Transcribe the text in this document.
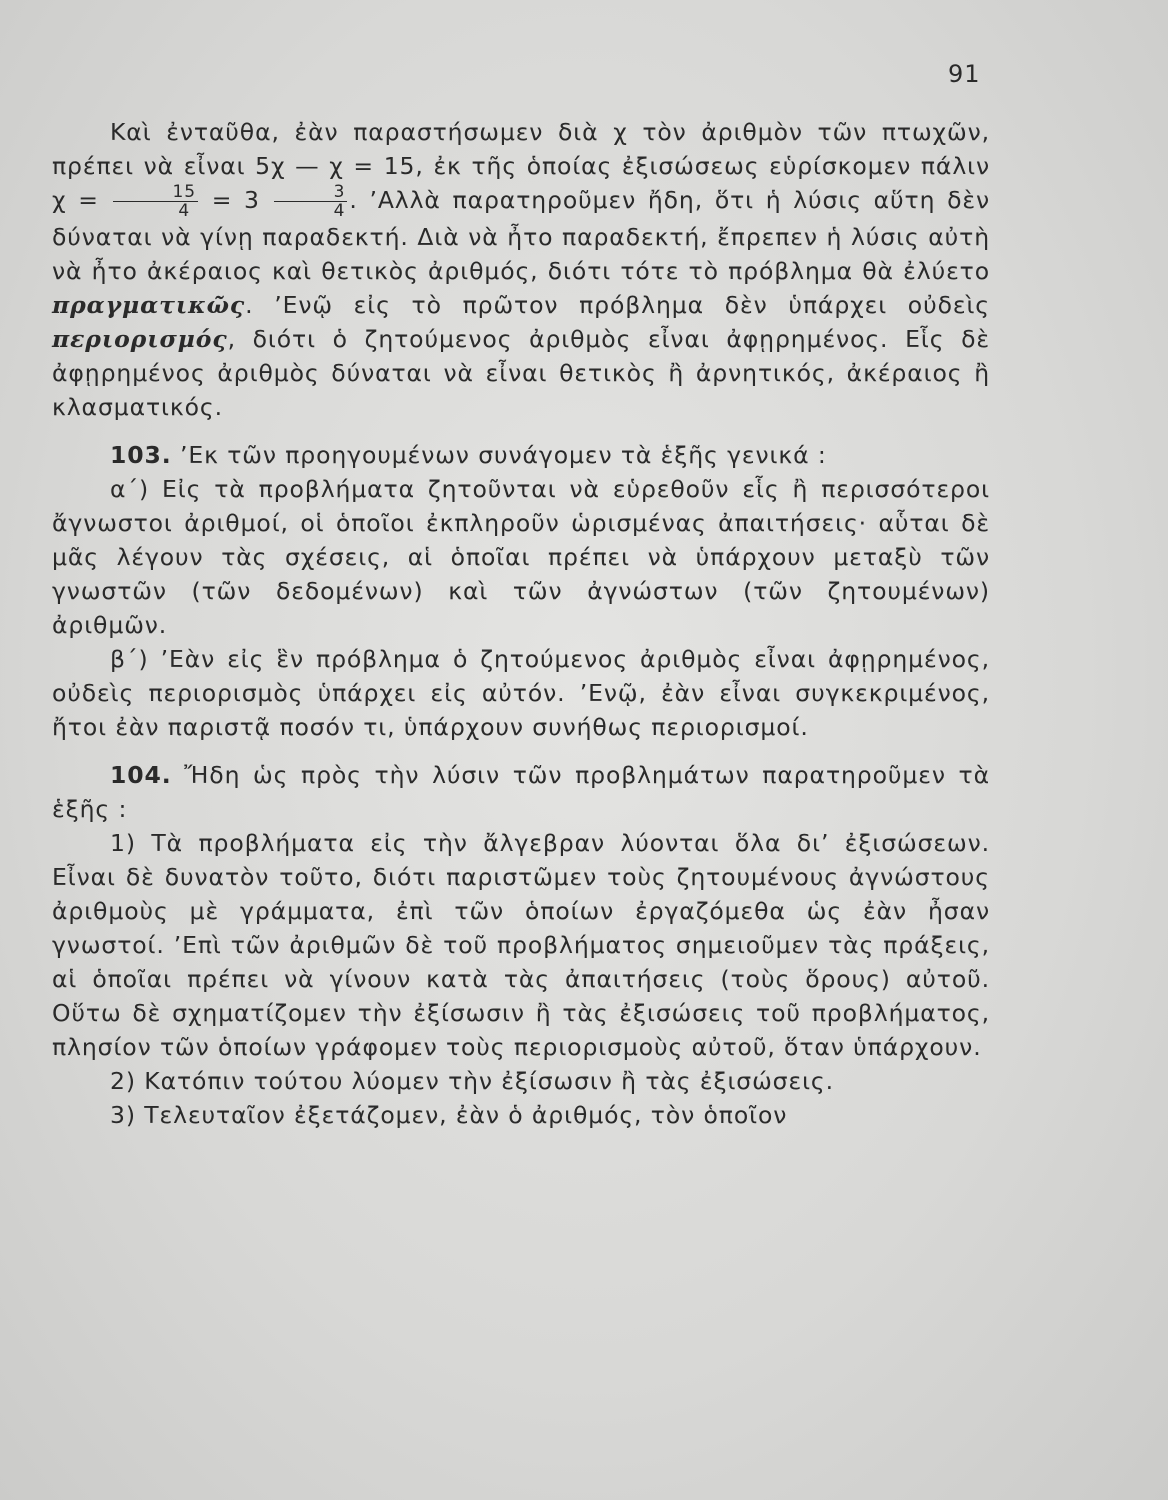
91

Καὶ ἐνταῦθα, ἐὰν παραστήσωμεν διὰ χ τὸν ἀριθμὸν τῶν πτωχῶν, πρέπει νὰ εἶναι 5χ — χ = 15, ἐκ τῆς ὁποίας ἐξισώσεως εὑρίσκομεν πάλιν $\chi = \frac{15}{4} = 3 \frac{3}{4}$ . ’Αλλὰ παρατηροῦμεν ἤδη, ὅτι ἡ λύσις αὕτη δὲν δύναται νὰ γίνῃ παραδεκτή. Διὰ νὰ ἦτο παραδεκτή, ἔπρεπεν ἡ λύσις αὐτὴ νὰ ἦτο ἀκέραιος καὶ θετικὸς ἀριθμός, διότι τότε τὸ πρόβλημα θὰ ἐλύετο πραγματικῶς. ’Ενῷ εἰς τὸ πρῶτον πρόβλημα δὲν ὑπάρχει οὐδεὶς περιορισμός, διότι ὁ ζητούμενος ἀριθμὸς εἶναι ἀφῃρημένος. Εἷς δὲ ἀφῃρημένος ἀριθμὸς δύναται νὰ εἶναι θετικὸς ἢ ἀρνητικός, ἀκέραιος ἢ κλασματικός.

103. ’Εκ τῶν προηγουμένων συνάγομεν τὰ ἑξῆς γενικά :

α΄) Εἰς τὰ προβλήματα ζητοῦνται νὰ εὑρεθοῦν εἷς ἢ περισσότεροι ἄγνωστοι ἀριθμοί, οἱ ὁποῖοι ἐκπληροῦν ὡρισμένας ἀπαιτήσεις· αὗται δὲ μᾶς λέγουν τὰς σχέσεις, αἱ ὁποῖαι πρέπει νὰ ὑπάρχουν μεταξὺ τῶν γνωστῶν (τῶν δεδομένων) καὶ τῶν ἀγνώστων (τῶν ζητουμένων) ἀριθμῶν.

β΄) ’Εὰν εἰς ἓν πρόβλημα ὁ ζητούμενος ἀριθμὸς εἶναι ἀφῃρημένος, οὐδεὶς περιορισμὸς ὑπάρχει εἰς αὐτόν. ’Ενῷ, ἐὰν εἶναι συγκεκριμένος, ἤτοι ἐὰν παριστᾷ ποσόν τι, ὑπάρχουν συνήθως περιορισμοί.

104. Ἤδη ὡς πρὸς τὴν λύσιν τῶν προβλημάτων παρατηροῦμεν τὰ ἑξῆς :

1) Τὰ προβλήματα εἰς τὴν ἄλγεβραν λύονται ὅλα δι’ ἐξισώσεων. Εἶναι δὲ δυνατὸν τοῦτο, διότι παριστῶμεν τοὺς ζητουμένους ἀγνώστους ἀριθμοὺς μὲ γράμματα, ἐπὶ τῶν ὁποίων ἐργαζόμεθα ὡς ἐὰν ἦσαν γνωστοί. ’Επὶ τῶν ἀριθμῶν δὲ τοῦ προβλήματος σημειοῦμεν τὰς πράξεις, αἱ ὁποῖαι πρέπει νὰ γίνουν κατὰ τὰς ἀπαιτήσεις (τοὺς ὅρους) αὐτοῦ. Οὕτω δὲ σχηματίζομεν τὴν ἐξίσωσιν ἢ τὰς ἐξισώσεις τοῦ προβλήματος, πλησίον τῶν ὁποίων γράφομεν τοὺς περιορισμοὺς αὐτοῦ, ὅταν ὑπάρχουν.

2) Κατόπιν τούτου λύομεν τὴν ἐξίσωσιν ἢ τὰς ἐξισώσεις.

3) Τελευταῖον ἐξετάζομεν, ἐὰν ὁ ἀριθμός, τὸν ὁποῖον
